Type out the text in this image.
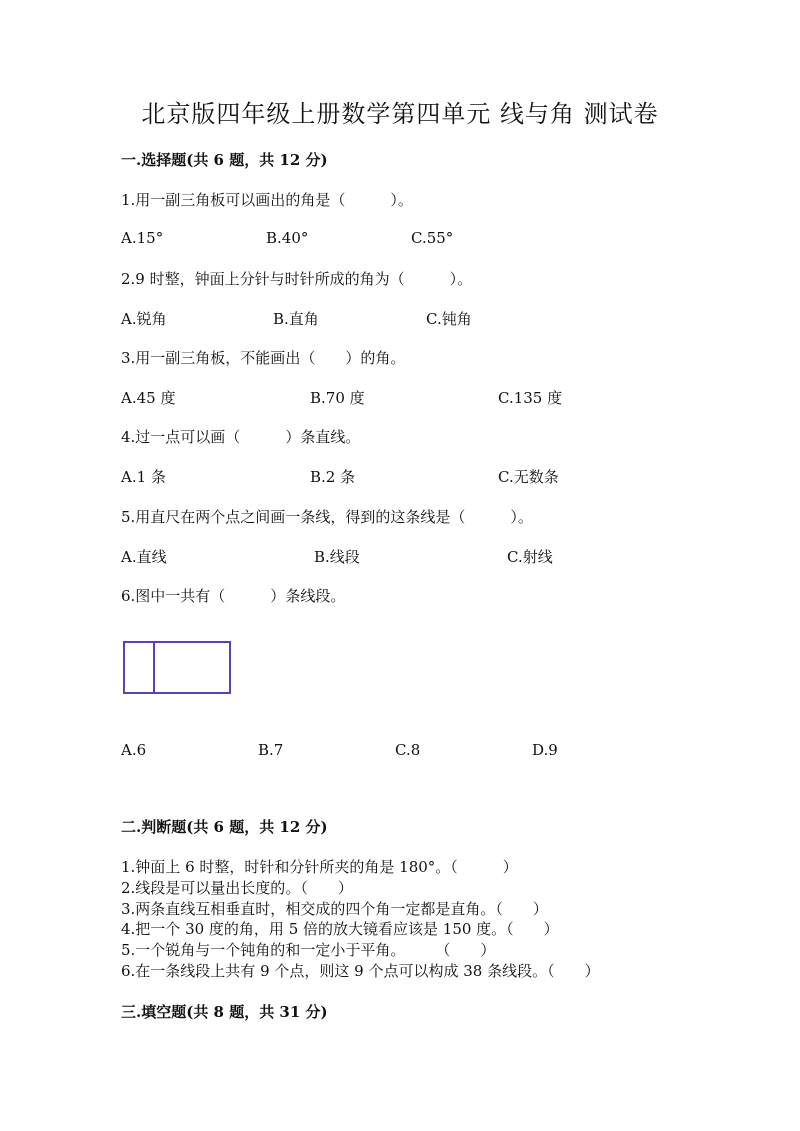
北京版四年级上册数学第四单元 线与角 测试卷
一.选择题(共 6 题，共 12 分)
1.用一副三角板可以画出的角是（　　　）。
A.15°	B.40°	C.55°
2.9 时整，钟面上分针与时针所成的角为（　　　）。
A.锐角	B.直角	C.钝角
3.用一副三角板，不能画出（　　）的角。
A.45 度	B.70 度	C.135 度
4.过一点可以画（　　　）条直线。
A.1 条	B.2 条	C.无数条
5.用直尺在两个点之间画一条线，得到的这条线是（　　　）。
A.直线	B.线段	C.射线
6.图中一共有（　　　）条线段。
A.6	B.7	C.8	D.9
二.判断题(共 6 题，共 12 分)
1.钟面上 6 时整，时针和分针所夹的角是 180°。（　　　）
2.线段是可以量出长度的。（　　）
3.两条直线互相垂直时，相交成的四个角一定都是直角。（　　）
4.把一个 30 度的角，用 5 倍的放大镜看应该是 150 度。（　　）
5.一个锐角与一个钝角的和一定小于平角。　　　（　　）
6.在一条线段上共有 9 个点，则这 9 个点可以构成 38 条线段。（　　）
三.填空题(共 8 题，共 31 分)
